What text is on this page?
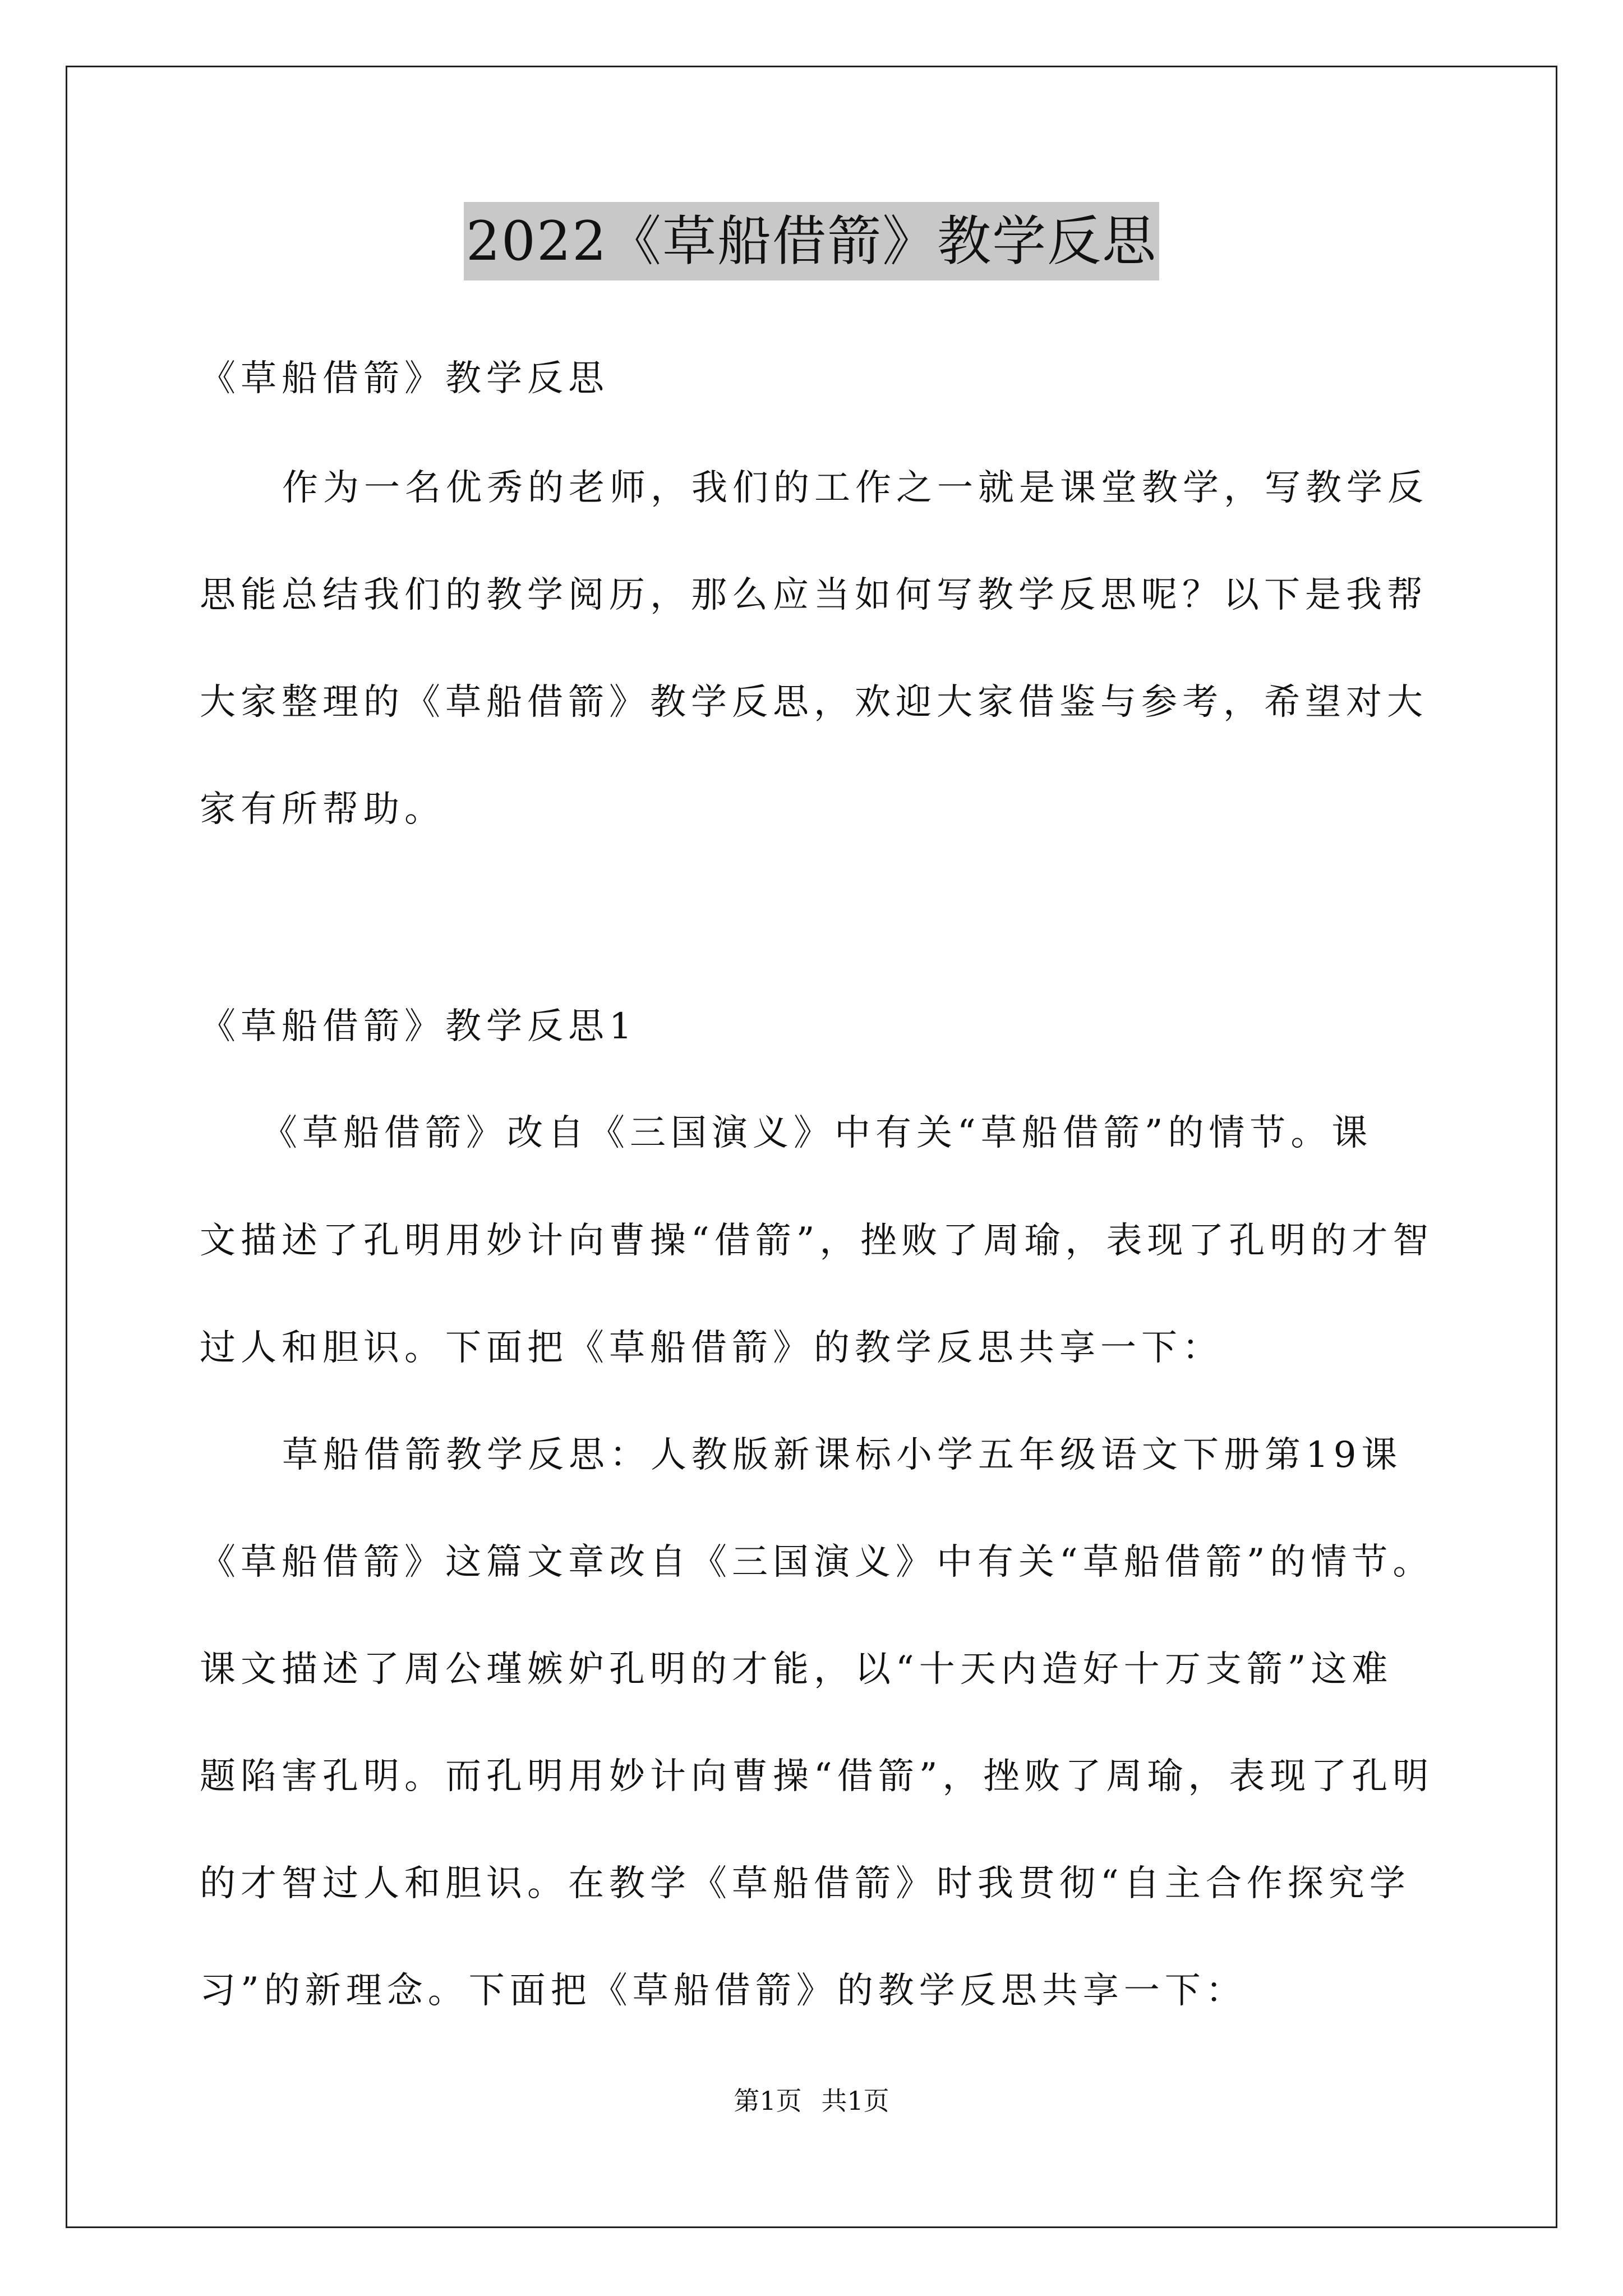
2022《草船借箭》教学反思
《草船借箭》教学反思
作为一名优秀的老师，我们的工作之一就是课堂教学，写教学反
思能总结我们的教学阅历，那么应当如何写教学反思呢？以下是我帮
大家整理的《草船借箭》教学反思，欢迎大家借鉴与参考，希望对大
家有所帮助。
《草船借箭》教学反思1
《草船借箭》改自《三国演义》中有关“草船借箭”的情节。课
文描述了孔明用妙计向曹操“借箭”，挫败了周瑜，表现了孔明的才智
过人和胆识。下面把《草船借箭》的教学反思共享一下：
草船借箭教学反思：人教版新课标小学五年级语文下册第19课
《草船借箭》这篇文章改自《三国演义》中有关“草船借箭”的情节。
课文描述了周公瑾嫉妒孔明的才能，以“十天内造好十万支箭”这难
题陷害孔明。而孔明用妙计向曹操“借箭”，挫败了周瑜，表现了孔明
的才智过人和胆识。在教学《草船借箭》时我贯彻“自主合作探究学
习”的新理念。下面把《草船借箭》的教学反思共享一下：
第1页 共1页
